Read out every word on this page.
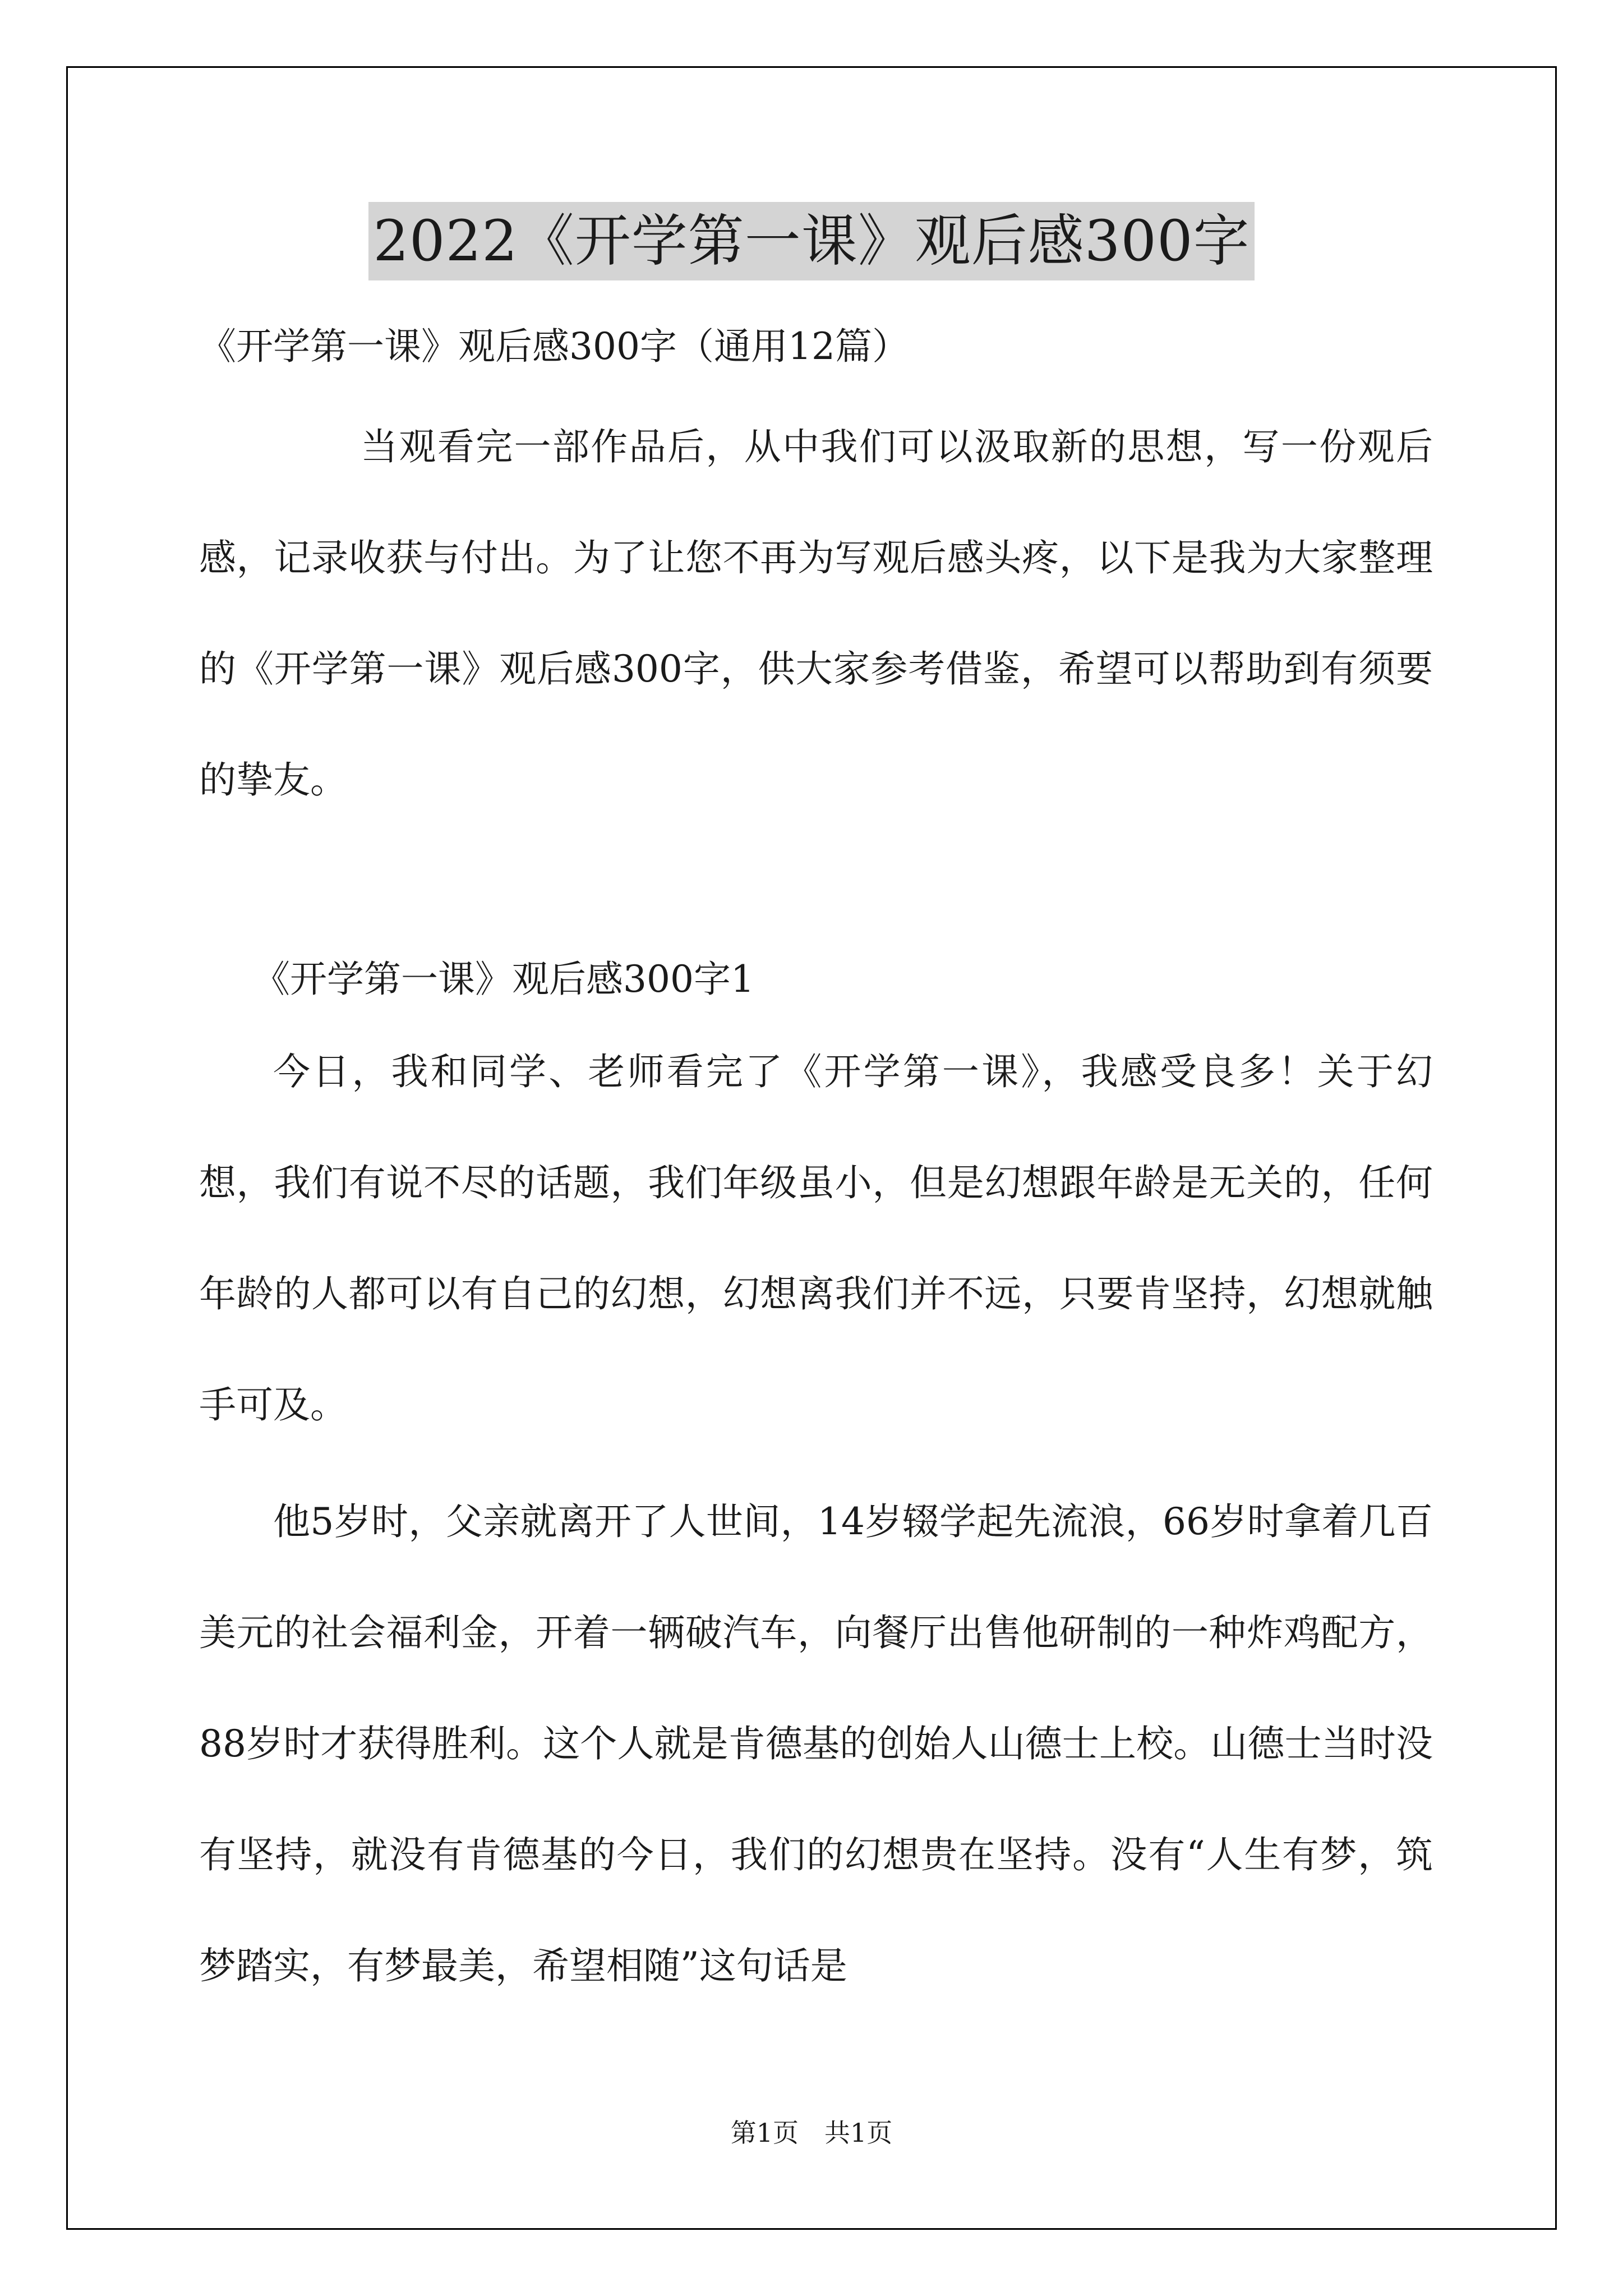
2022《开学第一课》观后感300字

《开学第一课》观后感300字（通用12篇）

当观看完一部作品后，从中我们可以汲取新的思想，写一份观后感，记录收获与付出。为了让您不再为写观后感头疼，以下是我为大家整理的《开学第一课》观后感300字，供大家参考借鉴，希望可以帮助到有须要的挚友。

《开学第一课》观后感300字1

今日，我和同学、老师看完了《开学第一课》，我感受良多！关于幻想，我们有说不尽的话题，我们年级虽小，但是幻想跟年龄是无关的，任何年龄的人都可以有自己的幻想，幻想离我们并不远，只要肯坚持，幻想就触手可及。

他5岁时，父亲就离开了人世间，14岁辍学起先流浪，66岁时拿着几百美元的社会福利金，开着一辆破汽车，向餐厅出售他研制的一种炸鸡配方，88岁时才获得胜利。这个人就是肯德基的创始人山德士上校。山德士当时没有坚持，就没有肯德基的今日，我们的幻想贵在坚持。没有“人生有梦，筑梦踏实，有梦最美，希望相随”这句话是

第1页　共1页
